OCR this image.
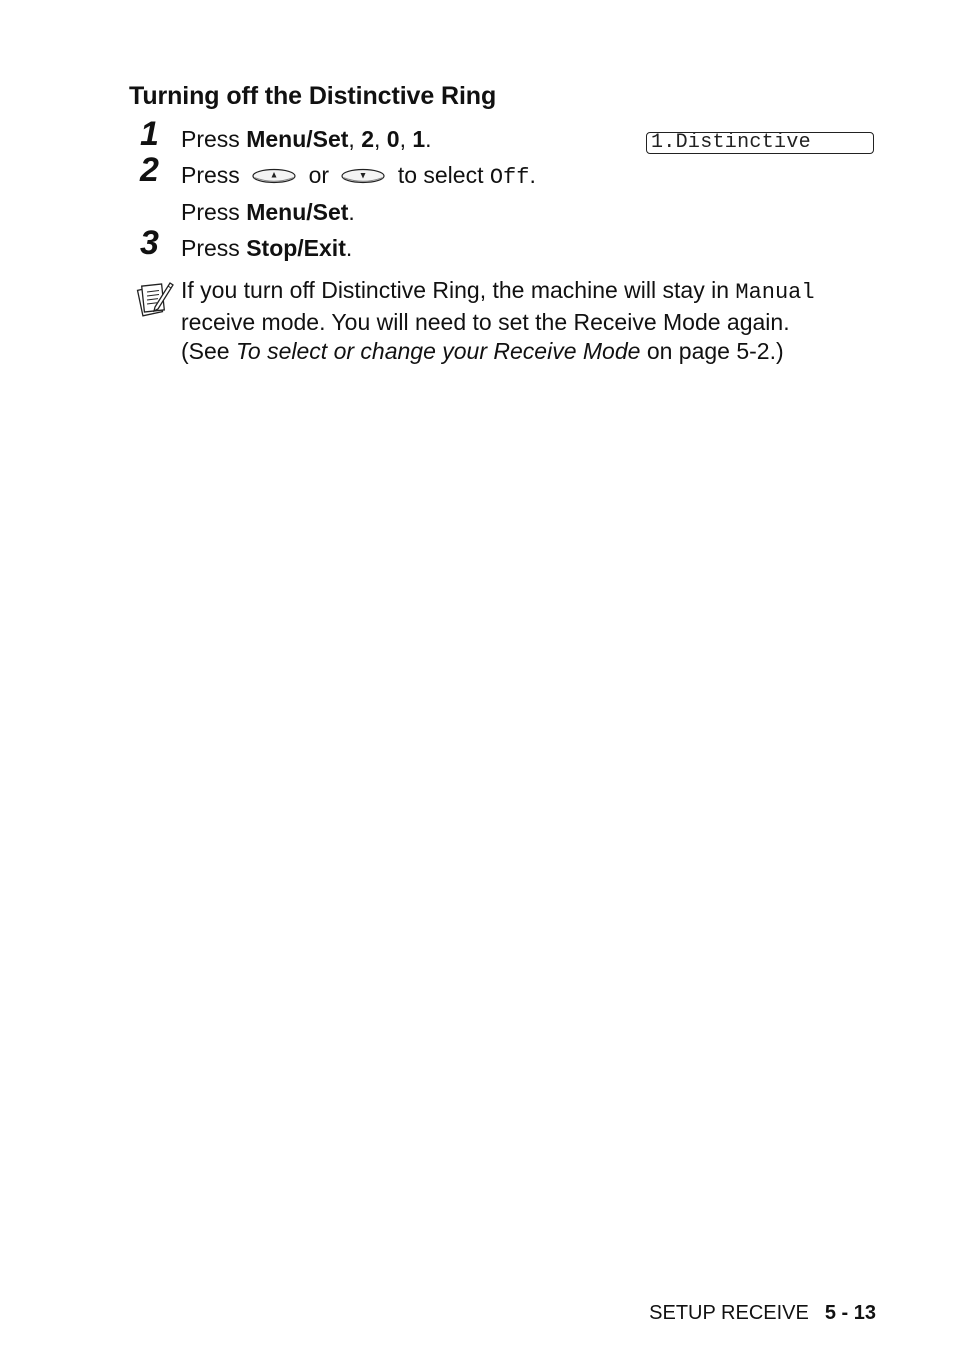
Turning off the Distinctive Ring
1.Distinctive
1 Press Menu/Set, 2, 0, 1.
2 Press	or	to select Off.
Press Menu/Set.
3 Press Stop/Exit.

If you turn off Distinctive Ring, the machine will stay in Manual

receive mode. You will need to set the Receive Mode again.

(See To select or change your Receive Mode on page 5-2.)

SETUP RECEIVE 5 - 13
